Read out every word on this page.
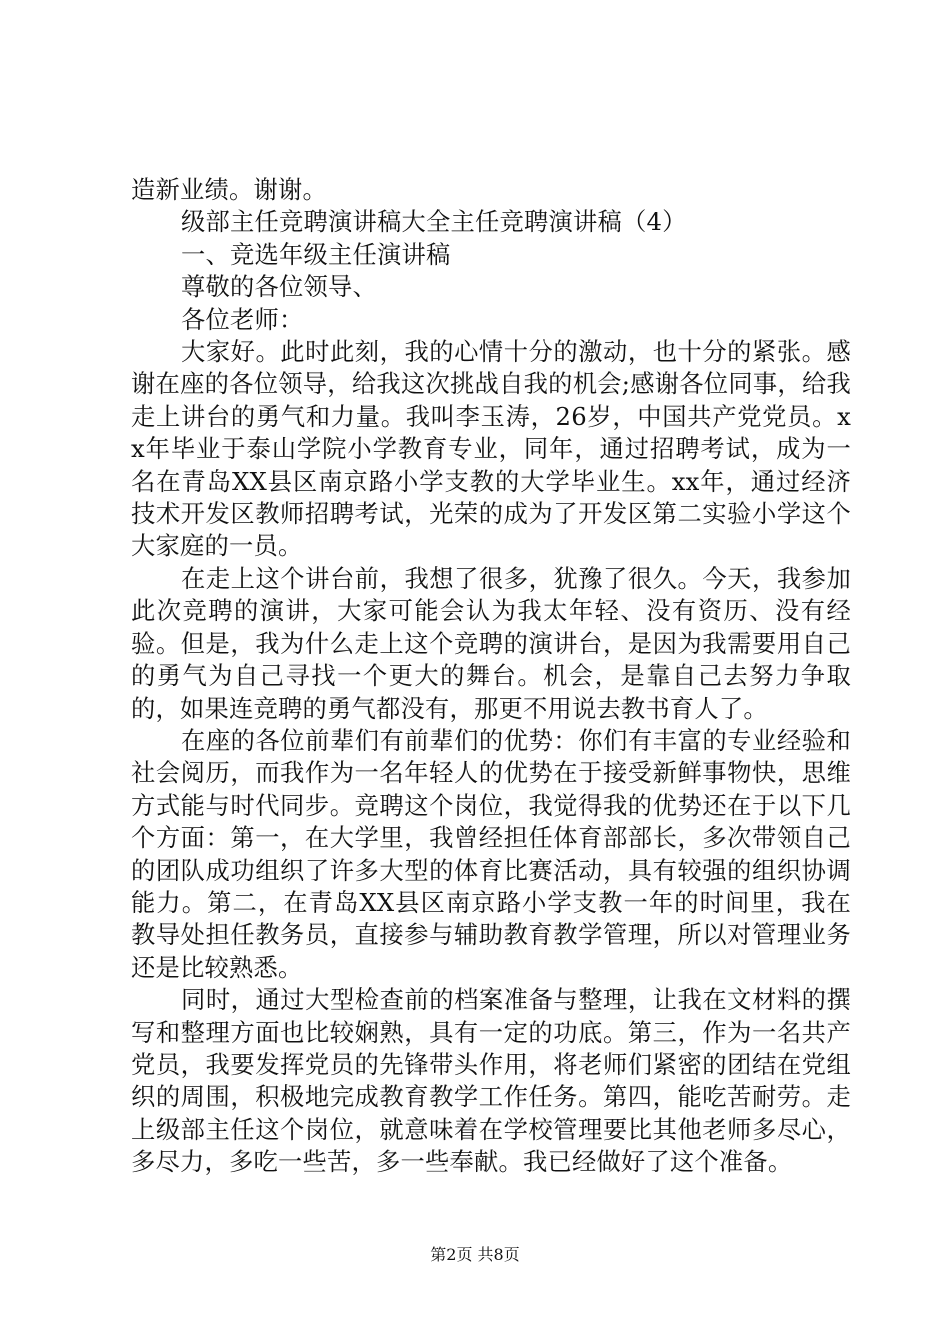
造新业绩。谢谢。

级部主任竞聘演讲稿大全主任竞聘演讲稿（4）

一、竞选年级主任演讲稿

尊敬的各位领导、

各位老师：

大家好。此时此刻，我的心情十分的激动，也十分的紧张。感谢在座的各位领导，给我这次挑战自我的机会;感谢各位同事，给我走上讲台的勇气和力量。我叫李玉涛，26岁，中国共产党党员。xx年毕业于泰山学院小学教育专业，同年，通过招聘考试，成为一名在青岛XX县区南京路小学支教的大学毕业生。xx年，通过经济技术开发区教师招聘考试，光荣的成为了开发区第二实验小学这个大家庭的一员。

在走上这个讲台前，我想了很多，犹豫了很久。今天，我参加此次竞聘的演讲，大家可能会认为我太年轻、没有资历、没有经验。但是，我为什么走上这个竞聘的演讲台，是因为我需要用自己的勇气为自己寻找一个更大的舞台。机会，是靠自己去努力争取的，如果连竞聘的勇气都没有，那更不用说去教书育人了。

在座的各位前辈们有前辈们的优势：你们有丰富的专业经验和社会阅历，而我作为一名年轻人的优势在于接受新鲜事物快，思维方式能与时代同步。竞聘这个岗位，我觉得我的优势还在于以下几个方面：第一，在大学里，我曾经担任体育部部长，多次带领自己的团队成功组织了许多大型的体育比赛活动，具有较强的组织协调能力。第二，在青岛XX县区南京路小学支教一年的时间里，我在教导处担任教务员，直接参与辅助教育教学管理，所以对管理业务还是比较熟悉。

同时，通过大型检查前的档案准备与整理，让我在文材料的撰写和整理方面也比较娴熟，具有一定的功底。第三，作为一名共产党员，我要发挥党员的先锋带头作用，将老师们紧密的团结在党组织的周围，积极地完成教育教学工作任务。第四，能吃苦耐劳。走上级部主任这个岗位，就意味着在学校管理要比其他老师多尽心，多尽力，多吃一些苦，多一些奉献。我已经做好了这个准备。

第2页 共8页
